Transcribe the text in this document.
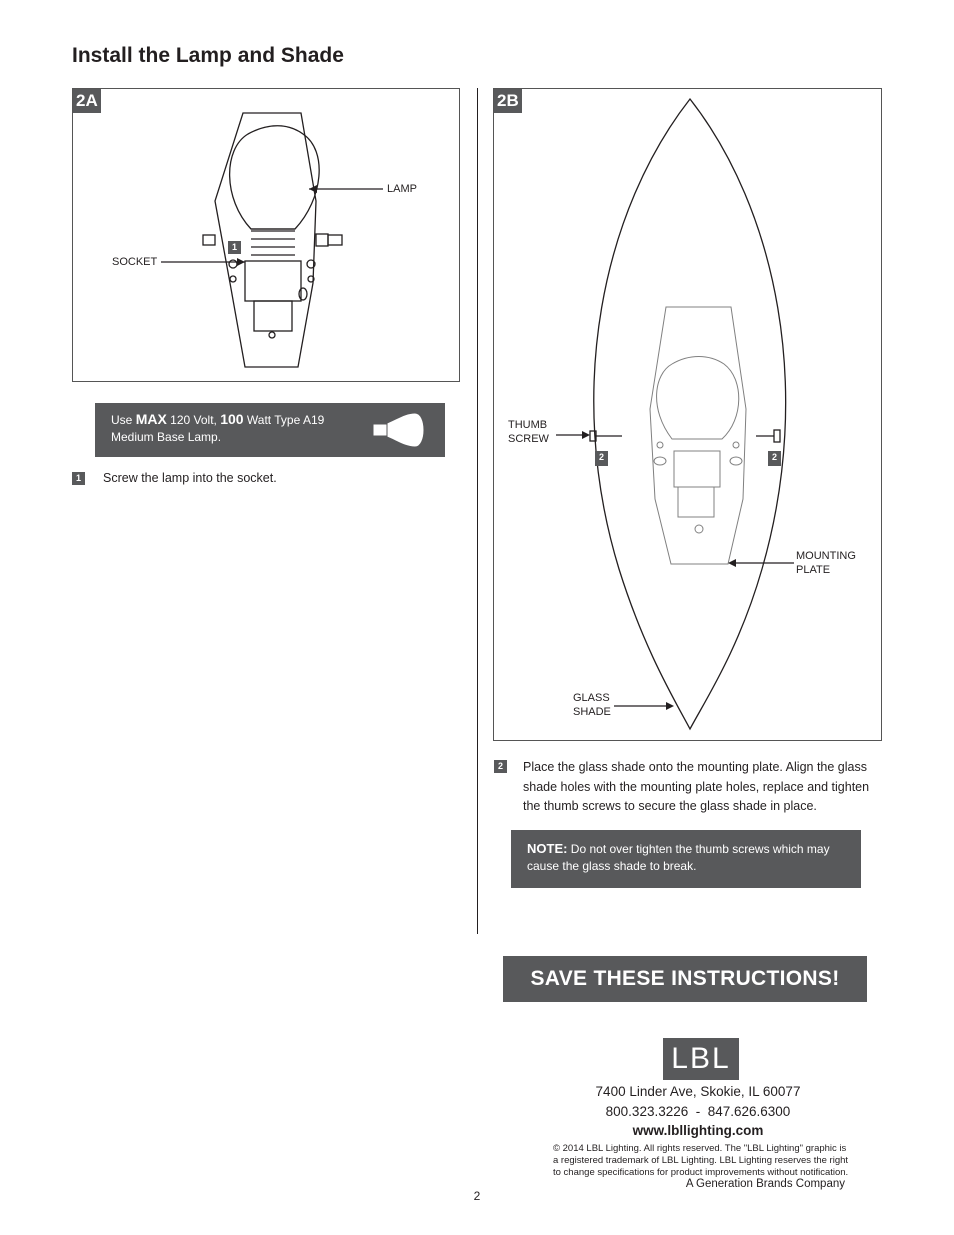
Install the Lamp and Shade
2A
LAMP
SOCKET
1
Use MAX 120 Volt, 100 Watt Type A19
Medium Base Lamp.
1	Screw the lamp into the socket.
2B
THUMB
SCREW
MOUNTING
PLATE
GLASS
SHADE
2	2
2	Place the glass shade onto the mounting plate. Align the glass shade holes with the mounting plate holes, replace and tighten the thumb screws to secure the glass shade in place.
NOTE: Do not over tighten the thumb screws which may cause the glass shade to break.
SAVE THESE INSTRUCTIONS!
LBL
7400 Linder Ave, Skokie, IL 60077
800.323.3226  -  847.626.6300
www.lbllighting.com
© 2014 LBL Lighting. All rights reserved. The "LBL Lighting" graphic is a registered trademark of LBL Lighting. LBL Lighting reserves the right to change specifications for product improvements without notification.
A Generation Brands Company
2
